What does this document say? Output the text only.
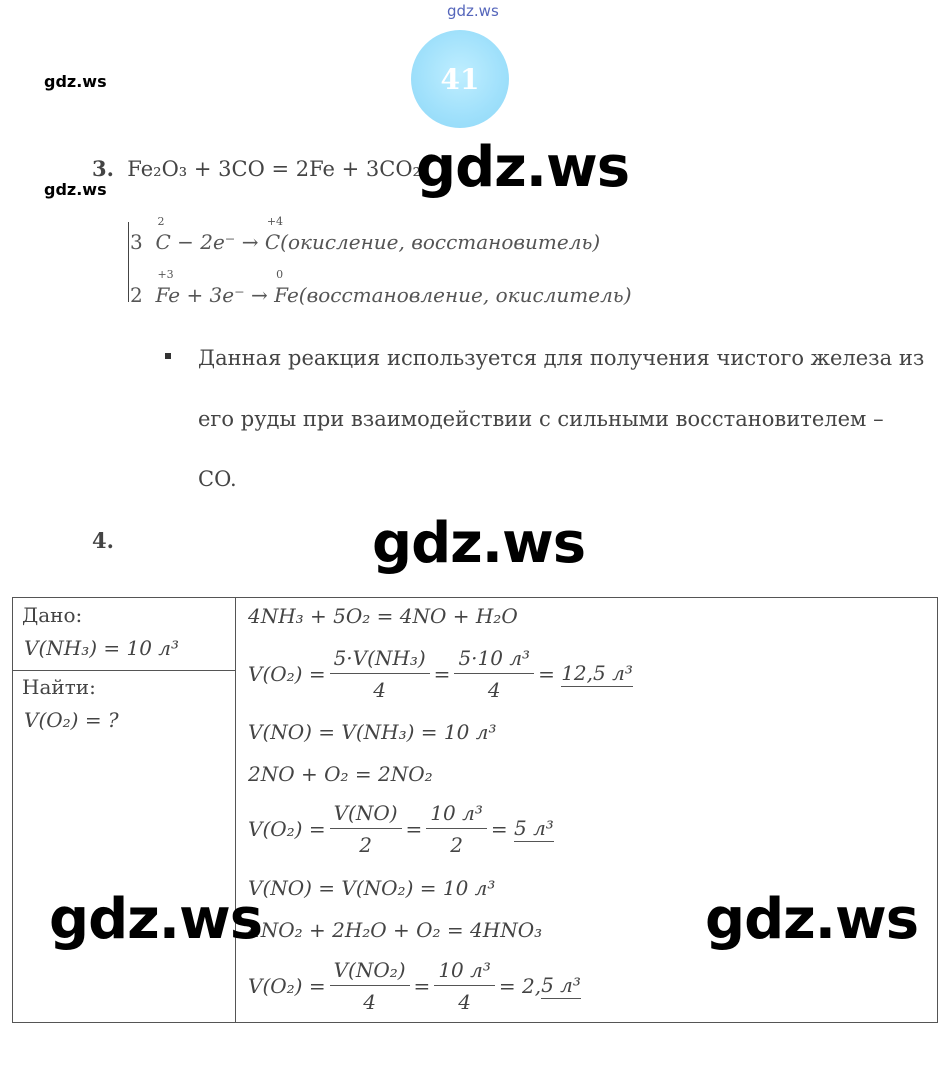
gdz.ws
gdz.ws
gdz.ws
41
3. Fe₂O₃ + 3CO = 2Fe + 3CO₂
3
2
C − 2e⁻ →
+4
C(окисление, восстановитель)
2
+3
Fe + 3e⁻ →
0
Fe(восстановление, окислитель)
Данная реакция используется для получения чистого железа из
его руды при взаимодействии с сильными восстановителем –
CO.
4.
Дано:
V(NH₃) = 10 л³
Найти:
V(O₂) = ?
4NH₃ + 5O₂ = 4NO + H₂O
$V(O_2) = \frac{\text{5·V(NH₃)}}{4} = \frac{\text{5·10 л³}}{4}$ =
12,5 л³
V(NO) = V(NH₃) = 10 л³
2NO + O₂ = 2NO₂
$V(O_2) = \frac{V(NO)}{2} = \frac{\text{10 л³}}{2}$ =
5 л³
V(NO) = V(NO₂) = 10 л³
4NO₂ + 2H₂O + O₂ = 4HNO₃
$V(O_2) = \frac{\text{V(NO₂)}}{4} = \frac{\text{10 л³}}{4} = 2$, 5 л³
gdz.ws
gdz.ws
gdz.ws	gdz.ws
